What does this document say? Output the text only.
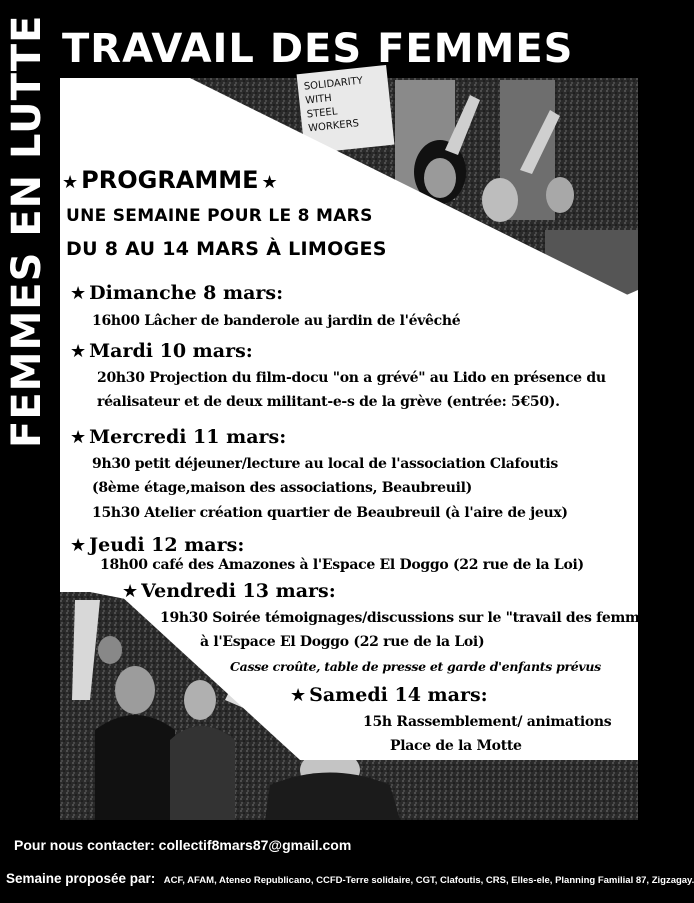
SOLIDARITY
WITH
STEEL
WORKERS
FEMMES EN LUTTE TRAVAIL DES FEMMES
★ PROGRAMME ★
UNE SEMAINE POUR LE 8 MARS
DU 8 AU 14 MARS À LIMOGES
★ Dimanche 8 mars:
16h00 Lâcher de banderole au jardin de l'évêché
★ Mardi 10 mars:
20h30 Projection du film-docu "on a grévé" au Lido en présence du
réalisateur et de deux militant-e-s de la grève (entrée: 5€50).
★ Mercredi 11 mars:
9h30 petit déjeuner/lecture au local de l'association Clafoutis
(8ème étage,maison des associations, Beaubreuil)
15h30 Atelier création quartier de Beaubreuil (à l'aire de jeux)
★ Jeudi 12 mars:
18h00 café des Amazones à l'Espace El Doggo (22 rue de la Loi)
★ Vendredi 13 mars:
19h30 Soirée témoignages/discussions sur le "travail des femmes"
à l'Espace El Doggo (22 rue de la Loi)
Casse croûte, table de presse et garde d'enfants prévus
★ Samedi 14 mars:
15h Rassemblement/ animations
Place de la Motte
Pour nous contacter: collectif8mars87@gmail.com
Semaine proposée par: ACF, AFAM, Ateneo Republicano, CCFD-Terre solidaire, CGT, Clafoutis, CRS, Elles-ele, Planning Familial 87, Zigzagay.
